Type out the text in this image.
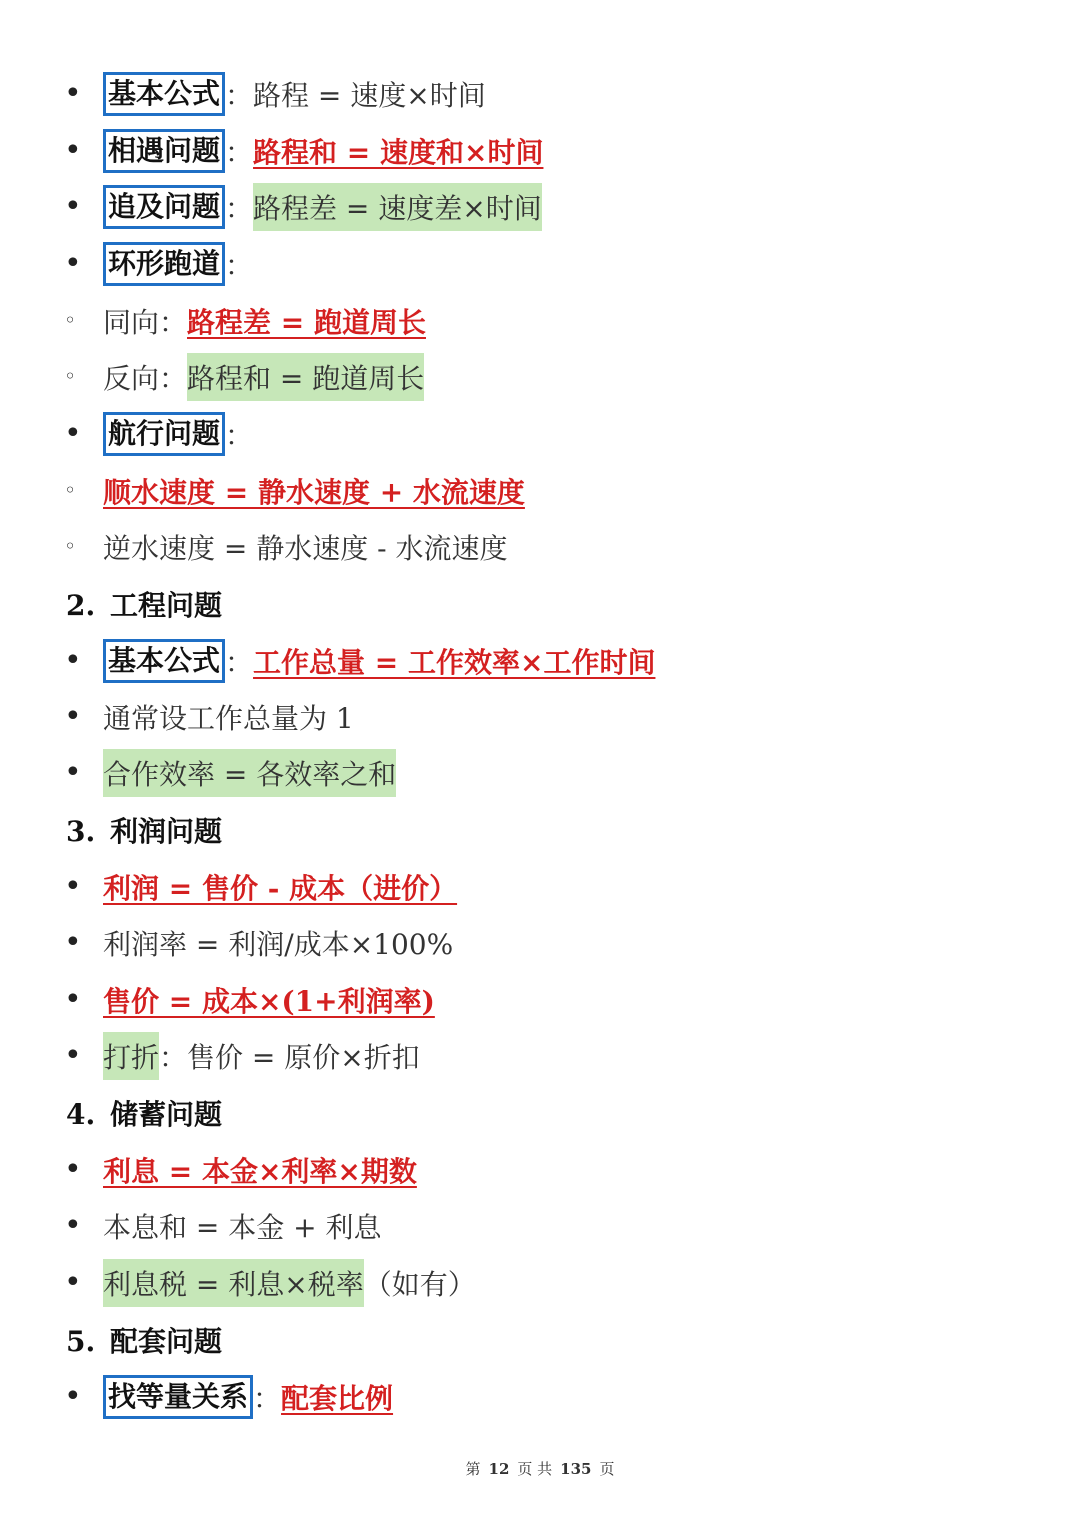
•
基本公式 ： 路程 = 速度×时间
•
相遇问题 ： 路程和 = 速度和×时间
•
追及问题 ： 路程差 = 速度差×时间
•
环形跑道 ：
◦
同向： 路程差 = 跑道周长
◦
反向： 路程和 = 跑道周长
•
航行问题 ：
◦
顺水速度 = 静水速度 + 水流速度
◦
逆水速度 = 静水速度 - 水流速度
2. 工程问题
•
基本公式 ： 工作总量 = 工作效率×工作时间
•
通常设工作总量为 1
•
合作效率 = 各效率之和
3. 利润问题
•
利润 = 售价 - 成本（进价）
•
利润率 = 利润/成本×100%
•
售价 = 成本×(1+利润率)
•
打折 ：售价 = 原价×折扣
4. 储蓄问题
•
利息 = 本金×利率×期数
•
本息和 = 本金 + 利息
•
利息税 = 利息×税率 （如有）
5. 配套问题
•
找等量关系 ： 配套比例
第 12 页 共 135 页
